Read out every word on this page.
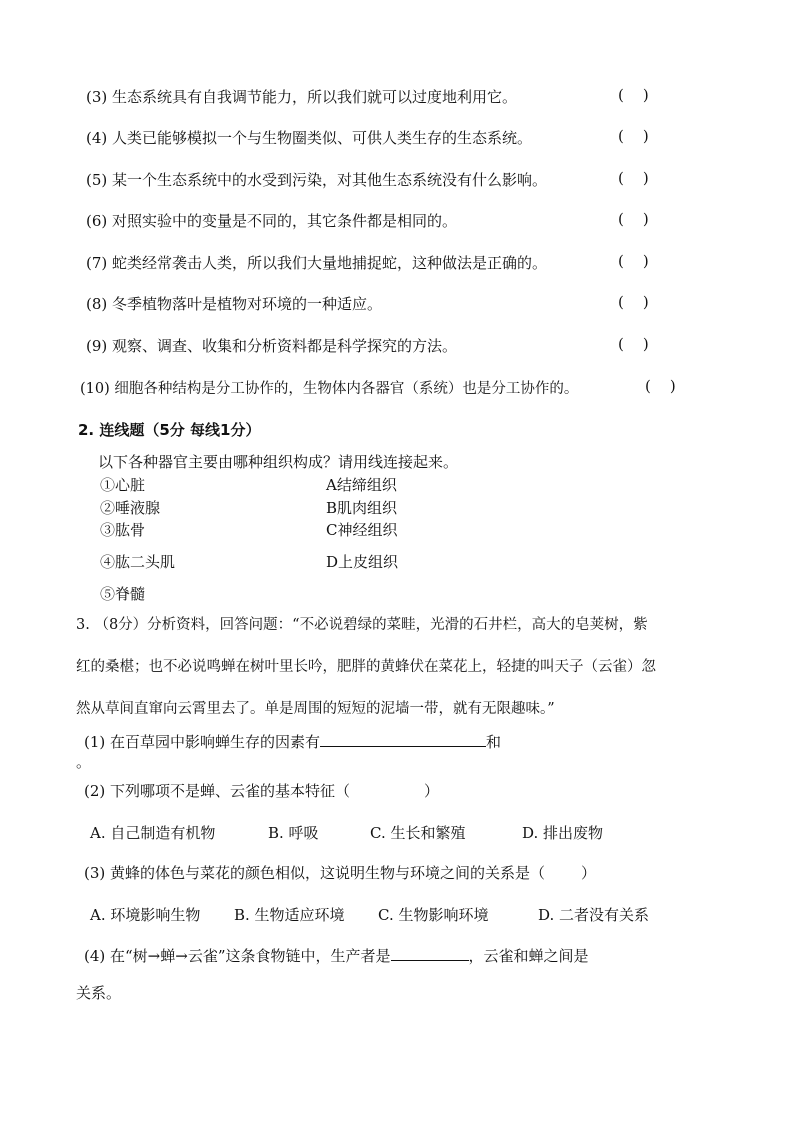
(3) 生态系统具有自我调节能力，所以我们就可以过度地利用它。	(    )
(4) 人类已能够模拟一个与生物圈类似、可供人类生存的生态系统。	(    )
(5) 某一个生态系统中的水受到污染，对其他生态系统没有什么影响。	(    )
(6) 对照实验中的变量是不同的，其它条件都是相同的。	(    )
(7) 蛇类经常袭击人类，所以我们大量地捕捉蛇，这种做法是正确的。	(    )
(8) 冬季植物落叶是植物对环境的一种适应。	(    )
(9) 观察、调查、收集和分析资料都是科学探究的方法。	(    )
(10) 细胞各种结构是分工协作的，生物体内各器官（系统）也是分工协作的。	(    )
2. 连线题（5分 每线1分）
以下各种器官主要由哪种组织构成？请用线连接起来。
①心脏
②唾液腺
③肱骨
④肱二头肌
⑤脊髓
A结缔组织
B肌肉组织
C神经组织
D上皮组织
3. （8分）分析资料，回答问题：“不必说碧绿的菜畦，光滑的石井栏，高大的皂荚树，紫
红的桑椹；也不必说鸣蝉在树叶里长吟，肥胖的黄蜂伏在菜花上，轻捷的叫天子（云雀）忽
然从草间直窜向云霄里去了。单是周围的短短的泥墙一带，就有无限趣味。”
(1) 在百草园中影响蝉生存的因素有	和
。
(2) 下列哪项不是蝉、云雀的基本特征（	）
A. 自己制造有机物	B. 呼吸	C. 生长和繁殖	D. 排出废物
(3) 黄蜂的体色与菜花的颜色相似，这说明生物与环境之间的关系是（ ）
A. 环境影响生物 B. 生物适应环境 C. 生物影响环境	D. 二者没有关系
(4) 在“树→蝉→云雀”这条食物链中，生产者是	，云雀和蝉之间是
关系。
